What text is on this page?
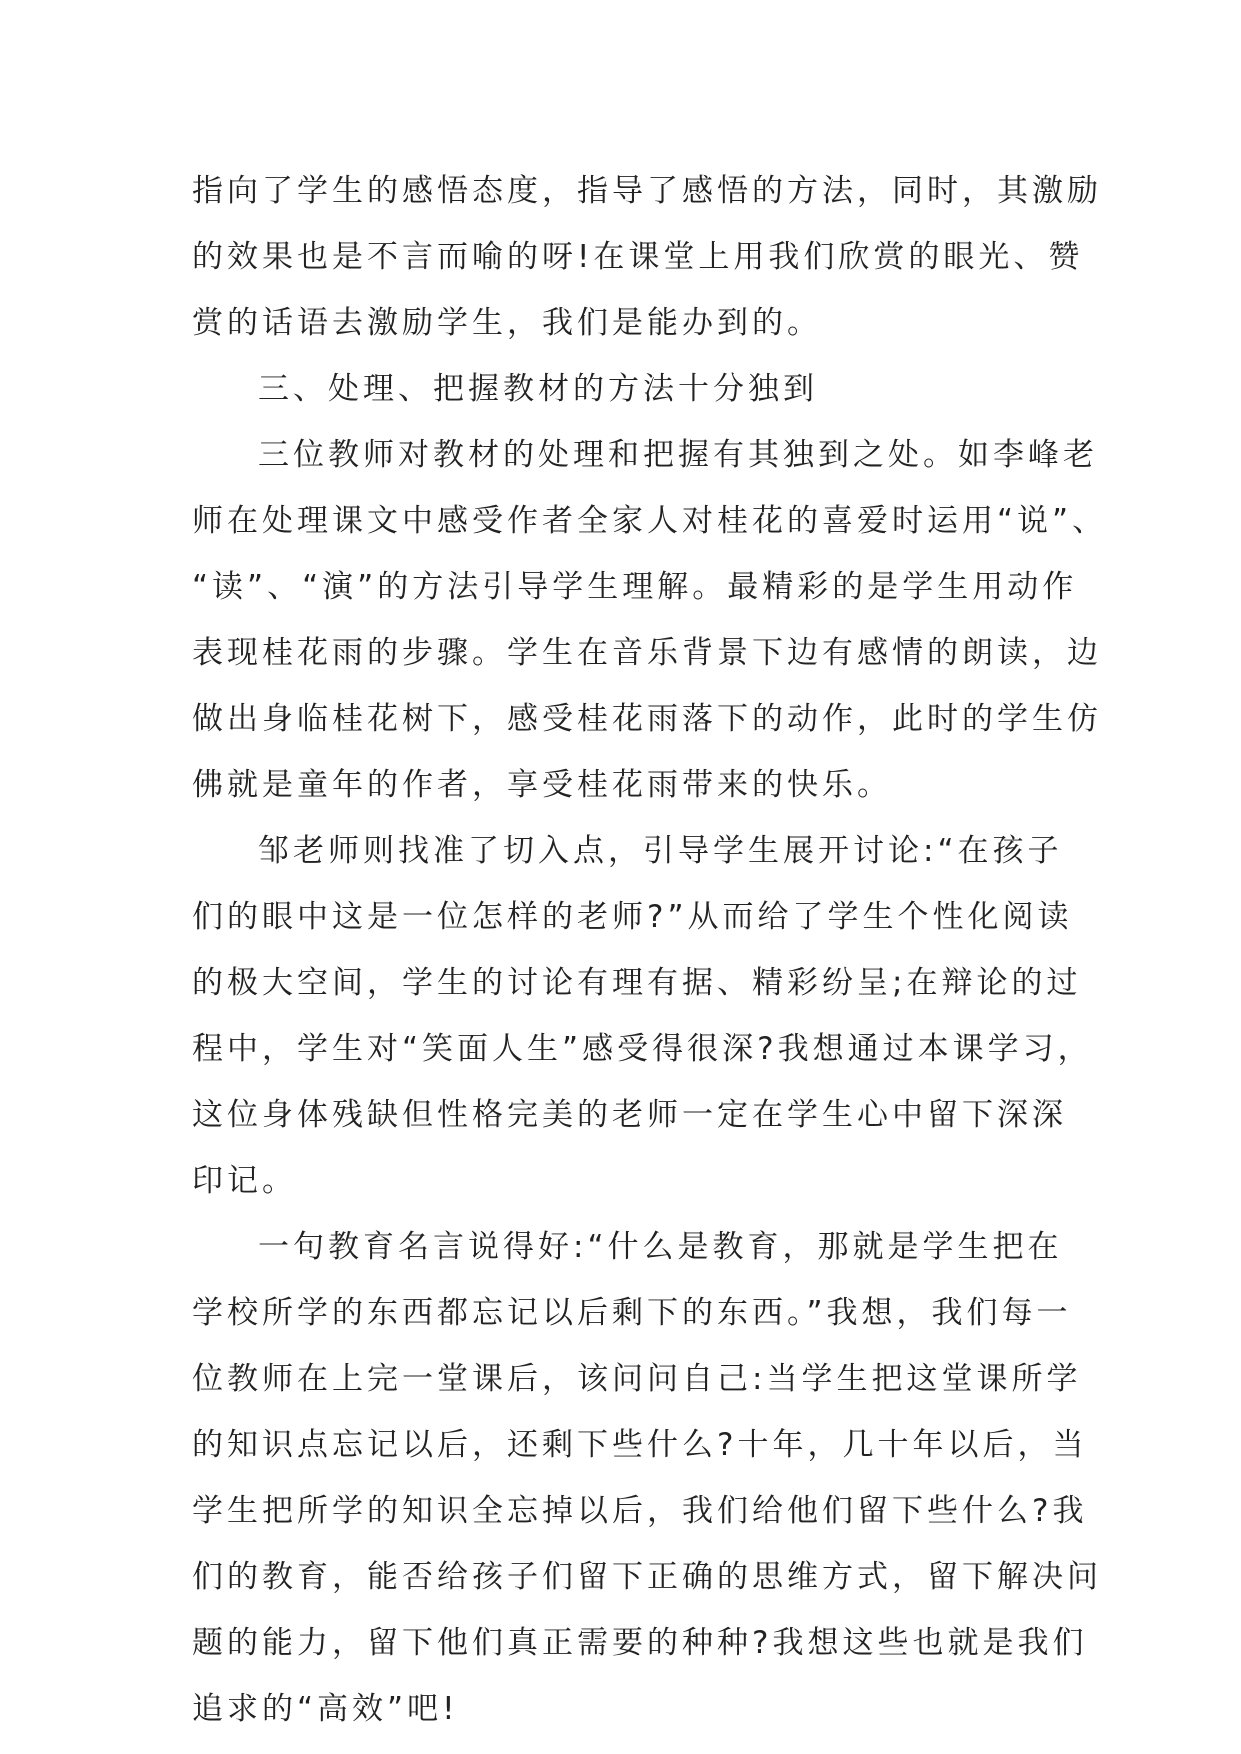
指向了学生的感悟态度，指导了感悟的方法，同时，其激励
的效果也是不言而喻的呀!在课堂上用我们欣赏的眼光、赞
赏的话语去激励学生，我们是能办到的。
三、处理、把握教材的方法十分独到
三位教师对教材的处理和把握有其独到之处。如李峰老
师在处理课文中感受作者全家人对桂花的喜爱时运用“说”、
“读”、“演”的方法引导学生理解。最精彩的是学生用动作
表现桂花雨的步骤。学生在音乐背景下边有感情的朗读，边
做出身临桂花树下，感受桂花雨落下的动作，此时的学生仿
佛就是童年的作者，享受桂花雨带来的快乐。
邹老师则找准了切入点，引导学生展开讨论:“在孩子
们的眼中这是一位怎样的老师?”从而给了学生个性化阅读
的极大空间，学生的讨论有理有据、精彩纷呈;在辩论的过
程中，学生对“笑面人生”感受得很深?我想通过本课学习，
这位身体残缺但性格完美的老师一定在学生心中留下深深
印记。
一句教育名言说得好:“什么是教育，那就是学生把在
学校所学的东西都忘记以后剩下的东西。”我想，我们每一
位教师在上完一堂课后，该问问自己:当学生把这堂课所学
的知识点忘记以后，还剩下些什么?十年，几十年以后，当
学生把所学的知识全忘掉以后，我们给他们留下些什么?我
们的教育，能否给孩子们留下正确的思维方式，留下解决问
题的能力，留下他们真正需要的种种?我想这些也就是我们
追求的“高效”吧!
